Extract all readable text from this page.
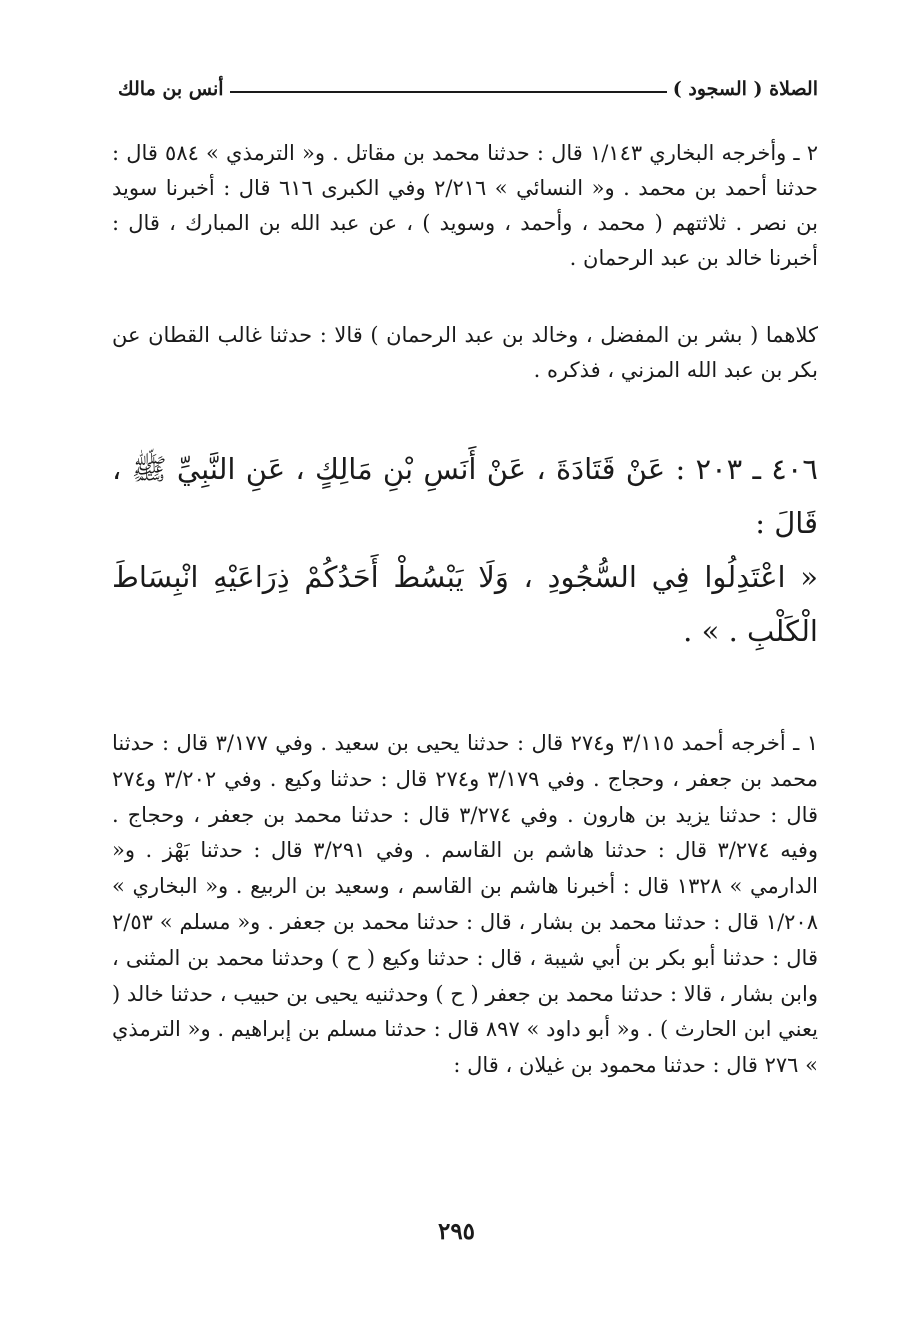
الصلاة ( السجود )
أنس بن مالك

٢ ـ وأخرجه البخاري ١/١٤٣ قال : حدثنا محمد بن مقاتل . و« الترمذي » ٥٨٤ قال : حدثنا أحمد بن محمد . و« النسائي » ٢/٢١٦ وفي الكبرى ٦١٦ قال : أخبرنا سويد بن نصر . ثلاثتهم ( محمد ، وأحمد ، وسويد ) ، عن عبد الله بن المبارك ، قال : أخبرنا خالد بن عبد الرحمان .

كلاهما ( بشر بن المفضل ، وخالد بن عبد الرحمان ) قالا : حدثنا غالب القطان عن بكر بن عبد الله المزني ، فذكره .

٤٠٦ ـ ٢٠٣ : عَنْ قَتَادَةَ ، عَنْ أَنَسِ بْنِ مَالِكٍ ، عَنِ النَّبِيِّ ﷺ ، قَالَ :

« اعْتَدِلُوا فِي السُّجُودِ ، وَلَا يَبْسُطْ أَحَدُكُمْ ذِرَاعَيْهِ انْبِسَاطَ الْكَلْبِ . » .

١ ـ أخرجه أحمد ٣/١١٥ و٢٧٤ قال : حدثنا يحيى بن سعيد . وفي ٣/١٧٧ قال : حدثنا محمد بن جعفر ، وحجاج . وفي ٣/١٧٩ و٢٧٤ قال : حدثنا وكيع . وفي ٣/٢٠٢ و٢٧٤ قال : حدثنا يزيد بن هارون . وفي ٣/٢٧٤ قال : حدثنا محمد بن جعفر ، وحجاج . وفيه ٣/٢٧٤ قال : حدثنا هاشم بن القاسم . وفي ٣/٢٩١ قال : حدثنا بَهْز . و« الدارمي » ١٣٢٨ قال : أخبرنا هاشم بن القاسم ، وسعيد بن الربيع . و« البخاري » ١/٢٠٨ قال : حدثنا محمد بن بشار ، قال : حدثنا محمد بن جعفر . و« مسلم » ٢/٥٣ قال : حدثنا أبو بكر بن أبي شيبة ، قال : حدثنا وكيع ( ح ) وحدثنا محمد بن المثنى ، وابن بشار ، قالا : حدثنا محمد بن جعفر ( ح ) وحدثنيه يحيى بن حبيب ، حدثنا خالد ( يعني ابن الحارث ) . و« أبو داود » ٨٩٧ قال : حدثنا مسلم بن إبراهيم . و« الترمذي » ٢٧٦ قال : حدثنا محمود بن غيلان ، قال :

٢٩٥
